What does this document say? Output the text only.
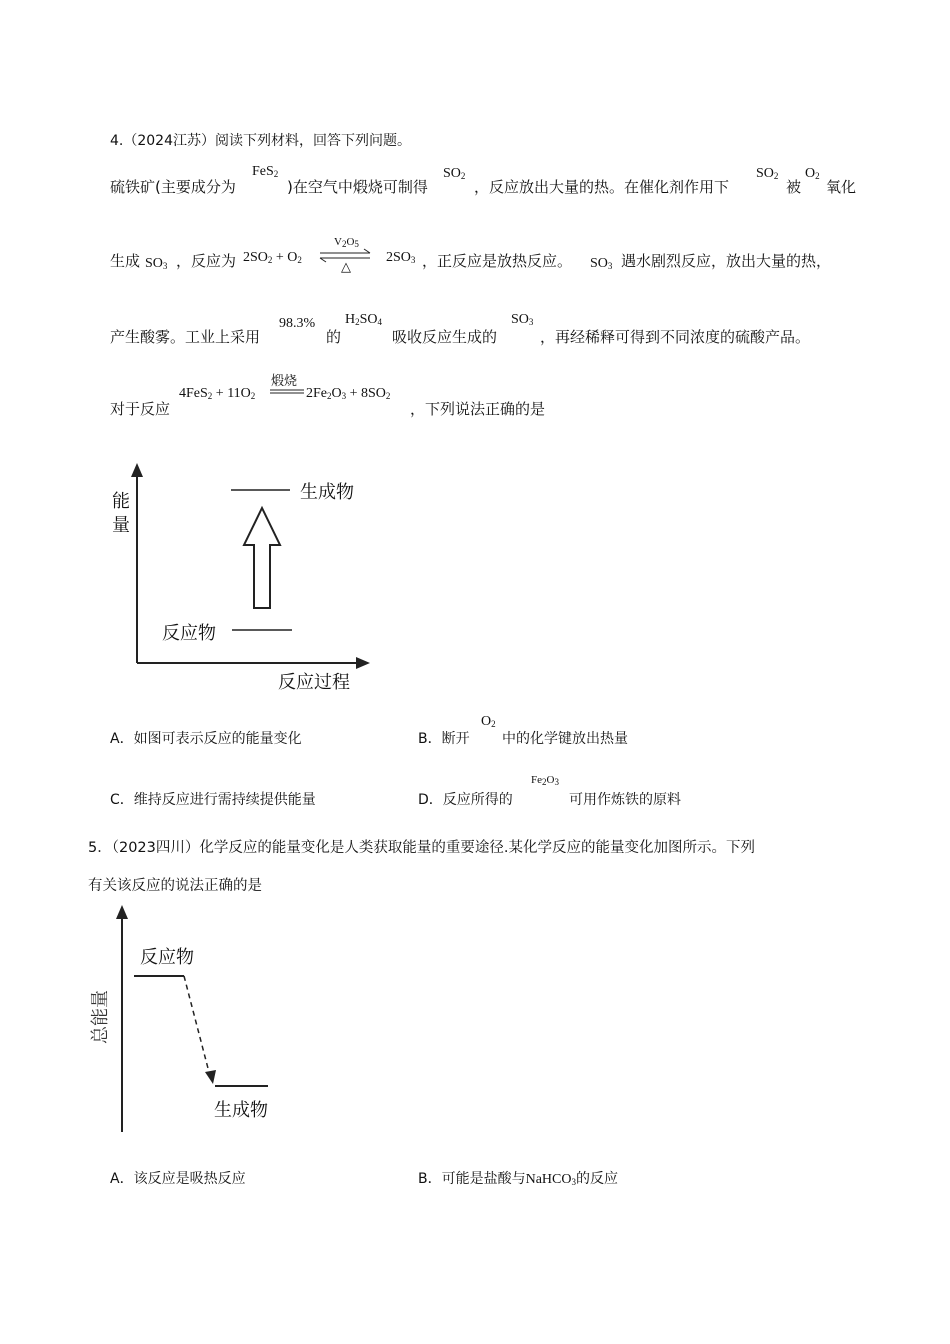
4.（2024江苏）阅读下列材料，回答下列问题。
硫铁矿(主要成分为
FeS$_2$
)在空气中煅烧可制得
$SO_2$
，反应放出大量的热。在催化剂作用下
$SO_2$
被
$O_2$
氧化
生成 $SO_3$ ，反应为 $2SO_2 + O_2$
$V_2O_5$
△
$2SO_3$ ，正反应是放热反应。 $SO_3$ 遇水剧烈反应，放出大量的热，
产生酸雾。工业上采用
98.3%
的
$H_2SO_4$
吸收反应生成的
$SO_3$
，再经稀释可得到不同浓度的硫酸产品。
对于反应
$4FeS_2 + 11O_2$
煅烧
$2Fe_2O_3 + 8SO_2$
，下列说法正确的是
能
量
生成物
反应物
反应过程
A．如图可表示反应的能量变化	B．断开
$O_2$
中的化学键放出热量
C．维持反应进行需持续提供能量	D．反应所得的
$Fe_2O_3$
可用作炼铁的原料
5．（2023四川）化学反应的能量变化是人类获取能量的重要途径.某化学反应的能量变化加图所示。下列
有关该反应的说法正确的是
反应物
生成物
总能量
A．该反应是吸热反应	B．可能是盐酸与NaHCO$_3$的反应
